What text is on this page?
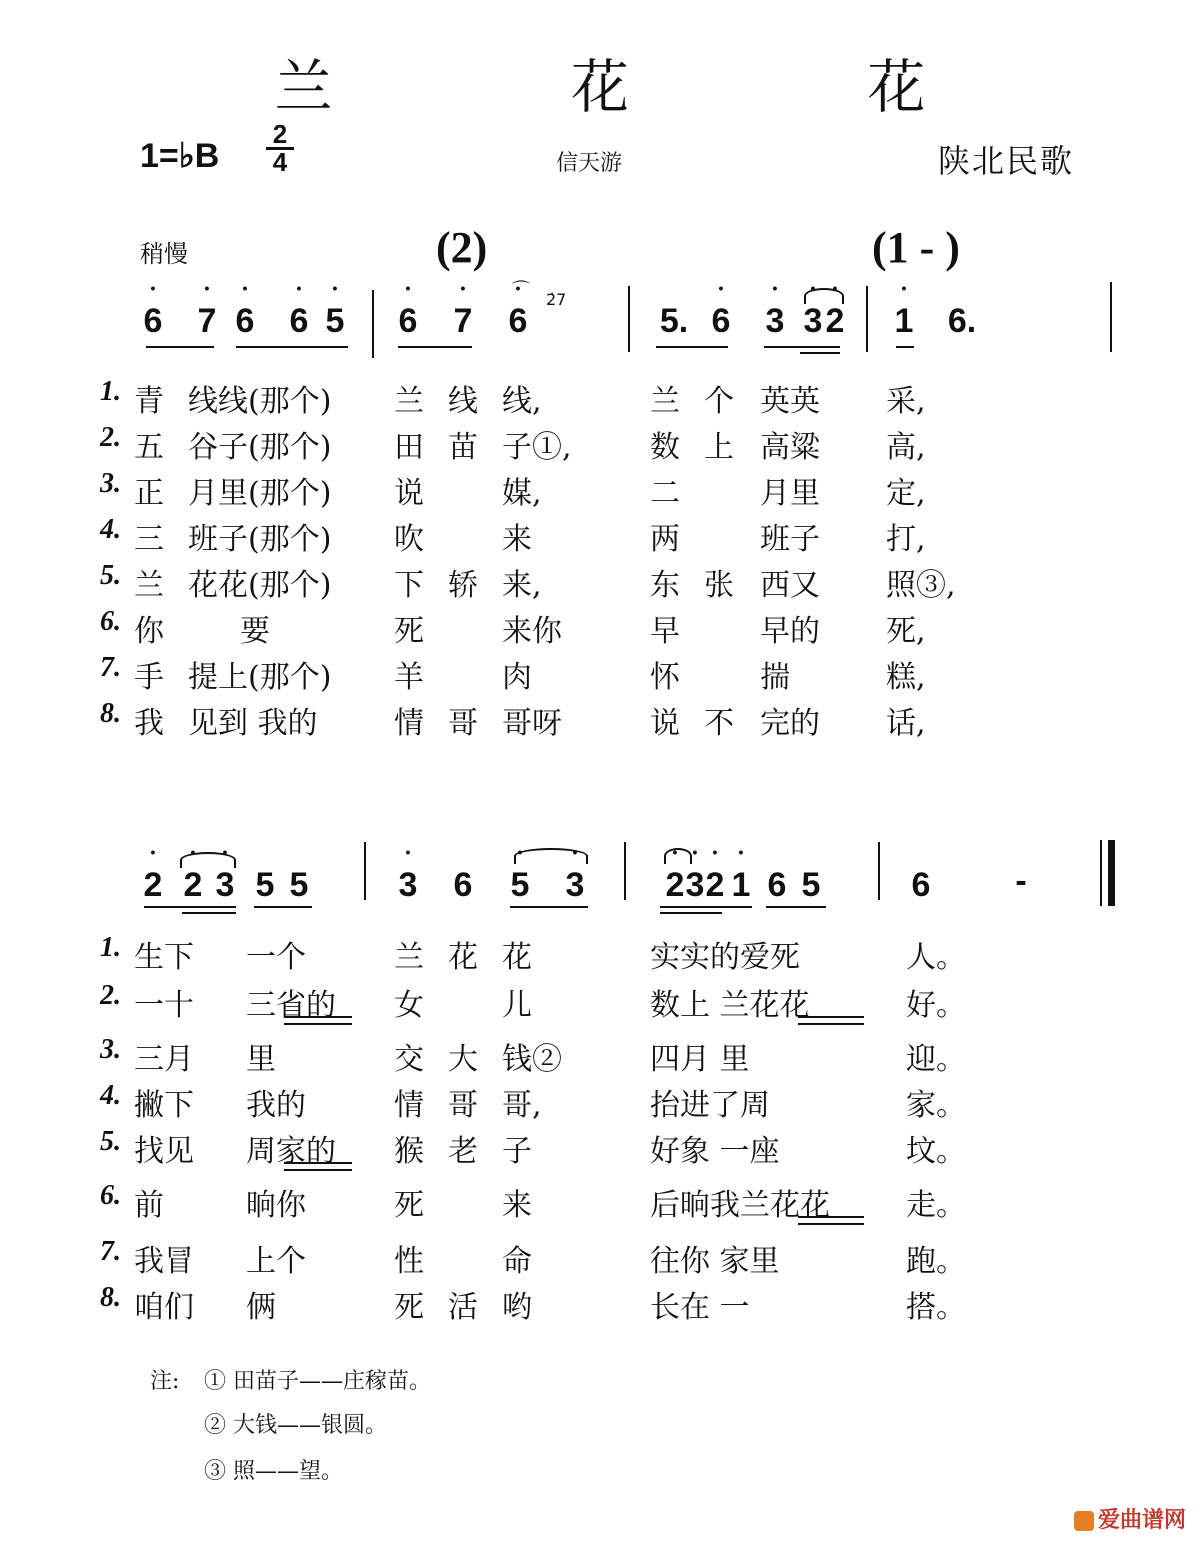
兰 花 花
1=♭B
2
4	信天游	陕北民歌
稍慢	(2)	(1 - )
• 6 • 7 • 6 • 6 • 5 • 6 • 7 • 6
⌒ 2̇7
5. • 6 • 3 • 3 • 2 • 1 6.
1. 青 线线(那个) 兰 线 线,	兰 个 英英 采,
2. 五 谷子(那个) 田 苗 子①,	数 上 高粱 高,
3. 正 月里(那个) 说	媒,	二	月里 定,
4. 三 班子(那个) 吹	来	两	班子 打,
5. 兰 花花(那个) 下 轿 来,	东 张 西又 照③,
6. 你	要	死	来你	早	早的 死,
7. 手 提上(那个) 羊	肉	怀	揣	糕,
8. 我 见到 我的	情 哥 哥呀	说 不 完的 话,
• 2 • 2 • 3 5 5	• 3 6 • 5 • 3 • 2 • 3 • 2 • 1 6 5	6 -
1. 生下 一个	兰 花 花	实实的爱死	人。
2. 一十 三省的 女	儿	数上 兰花花	好。
3. 三月 里	交 大 钱②	四月 里	迎。
4. 撇下 我的	情 哥 哥,	抬进了周	家。
5. 找见 周家的 猴 老 子	好象 一座	坟。
6. 前	晌你	死	来	后晌我兰花花	走。
7. 我冒 上个	性	命	往你 家里	跑。
8. 咱们 俩	死 活 哟	长在 一	搭。
注: ① 田苗子——庄稼苗。
② 大钱——银圆。
③ 照——望。
爱曲谱网
